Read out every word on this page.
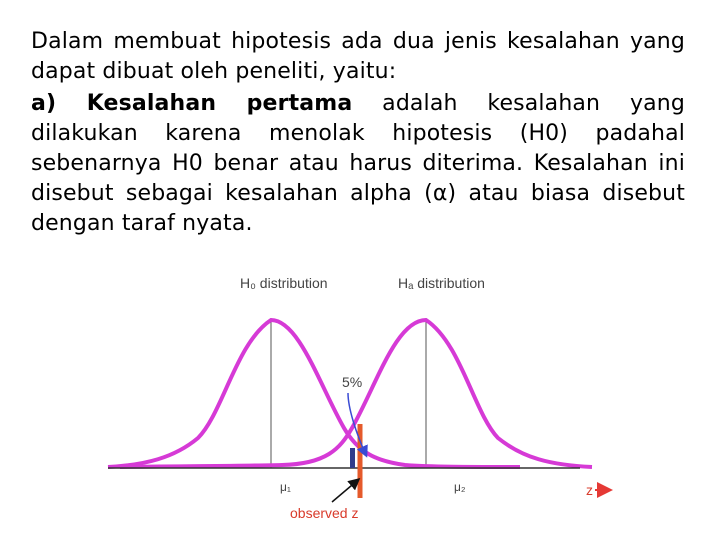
Dalam membuat hipotesis ada dua jenis kesalahan yang dapat dibuat oleh peneliti, yaitu:

a) Kesalahan pertama adalah kesalahan yang dilakukan karena menolak hipotesis (H0) padahal sebenarnya H0 benar atau harus diterima. Kesalahan ini disebut sebagai kesalahan alpha (α) atau biasa disebut dengan taraf nyata.

H₀ distribution	Hₐ distribution
5%
μ₁	μ₂
observed z
z
